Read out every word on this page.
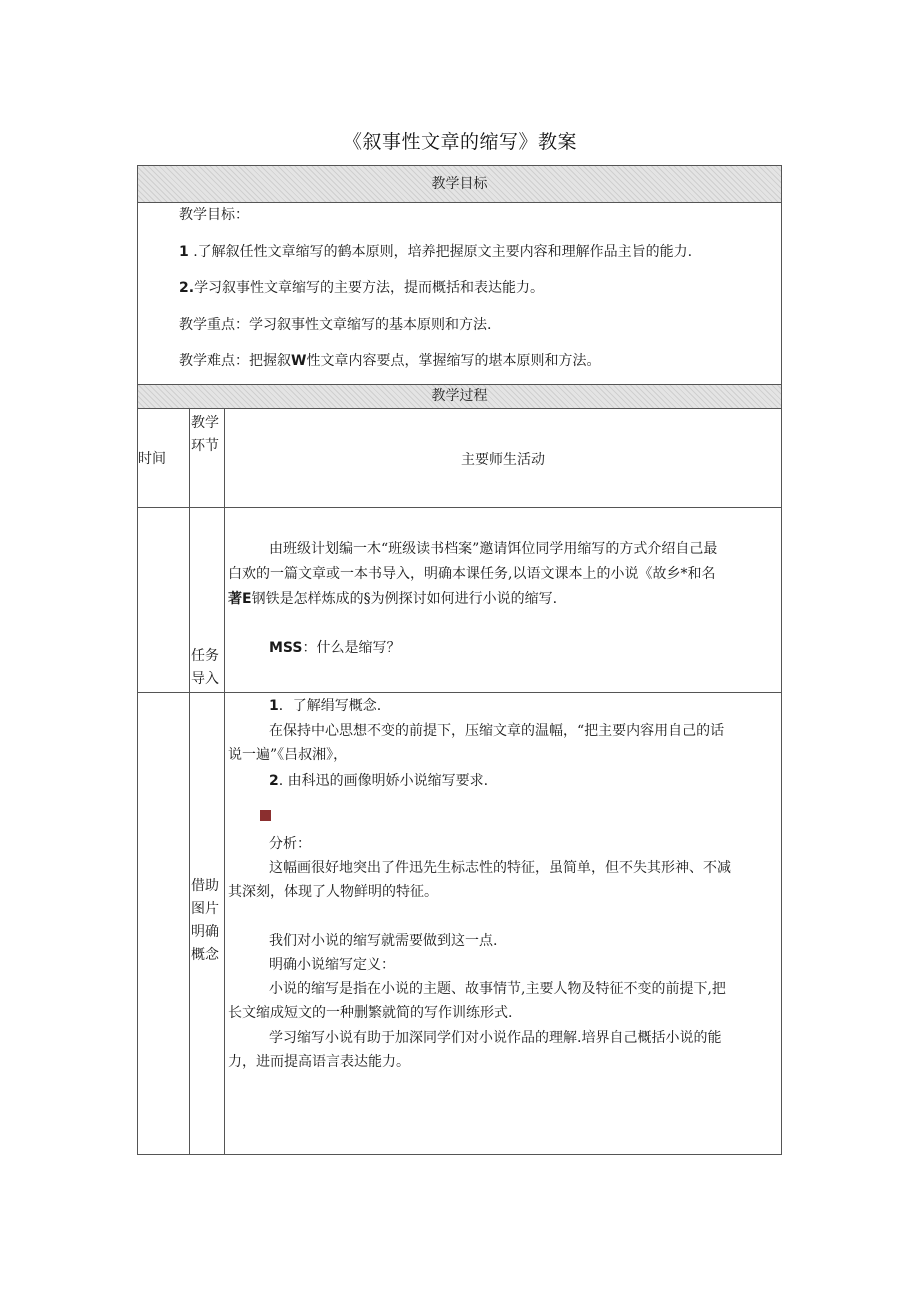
《叙事性文章的缩写》教案
教学目标
教学过程
教学目标：
1 .了解叙任性文章缩写的鹤本原则，培养把握原文主要内容和理解作品主旨的能力.
2.学习叙事性文章缩写的主要方法，提而概括和表达能力。
教学重点：学习叙事性文章缩写的基本原则和方法.
教学难点：把握叙W性文章内容要点，掌握缩写的堪本原则和方法。
时间
教学
环节
主要师生活动
任务
导入
由班级计划编一木“班级读书档案”邀请饵位同学用缩写的方式介绍自己最
白欢的一篇文章或一本书导入，明确本课任务,以语文课本上的小说《故乡*和名
著E钢铁是怎样炼成的§为例探讨如何进行小说的缩写.
MSS：什么是缩写？
借助
图片
明确
概念
1．了解绢写概念.
在保持中心思想不变的前提下，压缩文章的温幅，“把主要内容用自己的话
说一遍”《吕叔湘》，
2. 由科迅的画像明娇小说缩写要求.
分析：
这幅画很好地突出了件迅先生标志性的特征，虽简单，但不失其形神、不减
其深刻，体现了人物鲜明的特征。
我们对小说的缩写就需要做到这一点.
明确小说缩写定义：
小说的缩写是指在小说的主题、故事情节,主要人物及特征不变的前提下,把
长文缩成短文的一种删繁就简的写作训练形式.
学习缩写小说有助于加深同学们对小说作品的理解.培界自己概括小说的能
力，进而提高语言表达能力。
